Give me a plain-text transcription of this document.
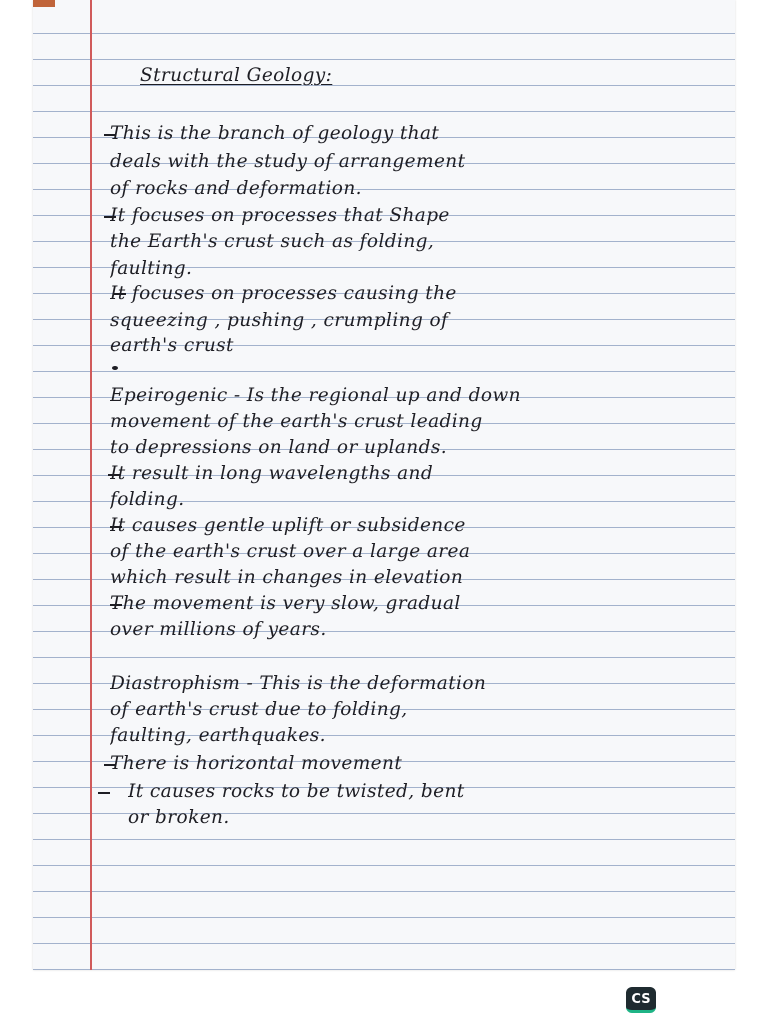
Structural Geology:
This is the branch of geology that
deals with the study of arrangement
of rocks and deformation.
It focuses on processes that Shape
the Earth's crust such as folding,
faulting.
It focuses on processes causing the
squeezing , pushing , crumpling of
earth's crust
Epeirogenic - Is the regional up and down
movement of the earth's crust leading
to depressions on land or uplands.
It result in long wavelengths and
folding.
It causes gentle uplift or subsidence
of the earth's crust over a large area
which result in changes in elevation
The movement is very slow, gradual
over millions of years.
Diastrophism - This is the deformation
of earth's crust due to folding,
faulting, earthquakes.
There is horizontal movement
It causes rocks to be twisted, bent
or broken.
CS
